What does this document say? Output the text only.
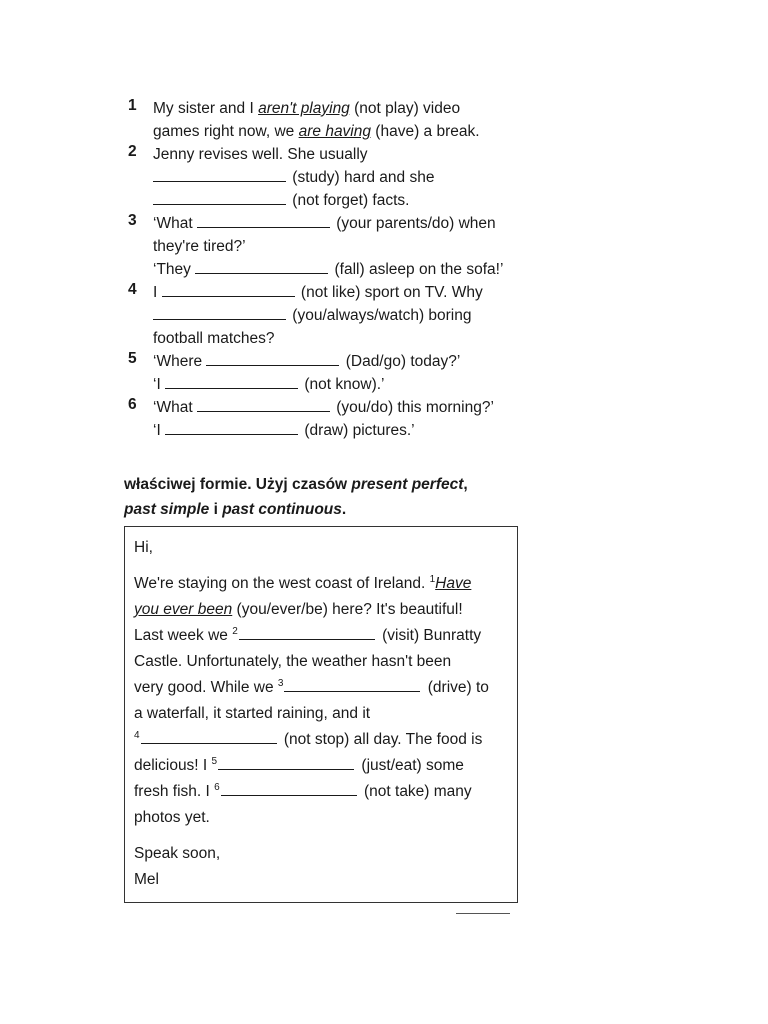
1 My sister and I aren't playing (not play) video
games right now, we are having (have) a break.
2 Jenny revises well. She usually
(study) hard and she
(not forget) facts.
3 ‘What	(your parents/do) when
they're tired?’
‘They	(fall) asleep on the sofa!’
4 I	(not like) sport on TV. Why
(you/always/watch) boring
football matches?
5 ‘Where	(Dad/go) today?’
‘I	(not know).’
6 ‘What	(you/do) this morning?’
‘I	(draw) pictures.’
właściwej formie. Użyj czasów present perfect,
past simple i past continuous.
Hi,
We're staying on the west coast of Ireland. $^1$Have
you ever been (you/ever/be) here? It's beautiful!
Last week we $^2$	(visit) Bunratty
Castle. Unfortunately, the weather hasn't been
very good. While we $^3$	(drive) to
a waterfall, it started raining, and it
$^4$	(not stop) all day. The food is
delicious! I $^5$	(just/eat) some
fresh fish. I $^6$	(not take) many
photos yet.
Speak soon,
Mel
